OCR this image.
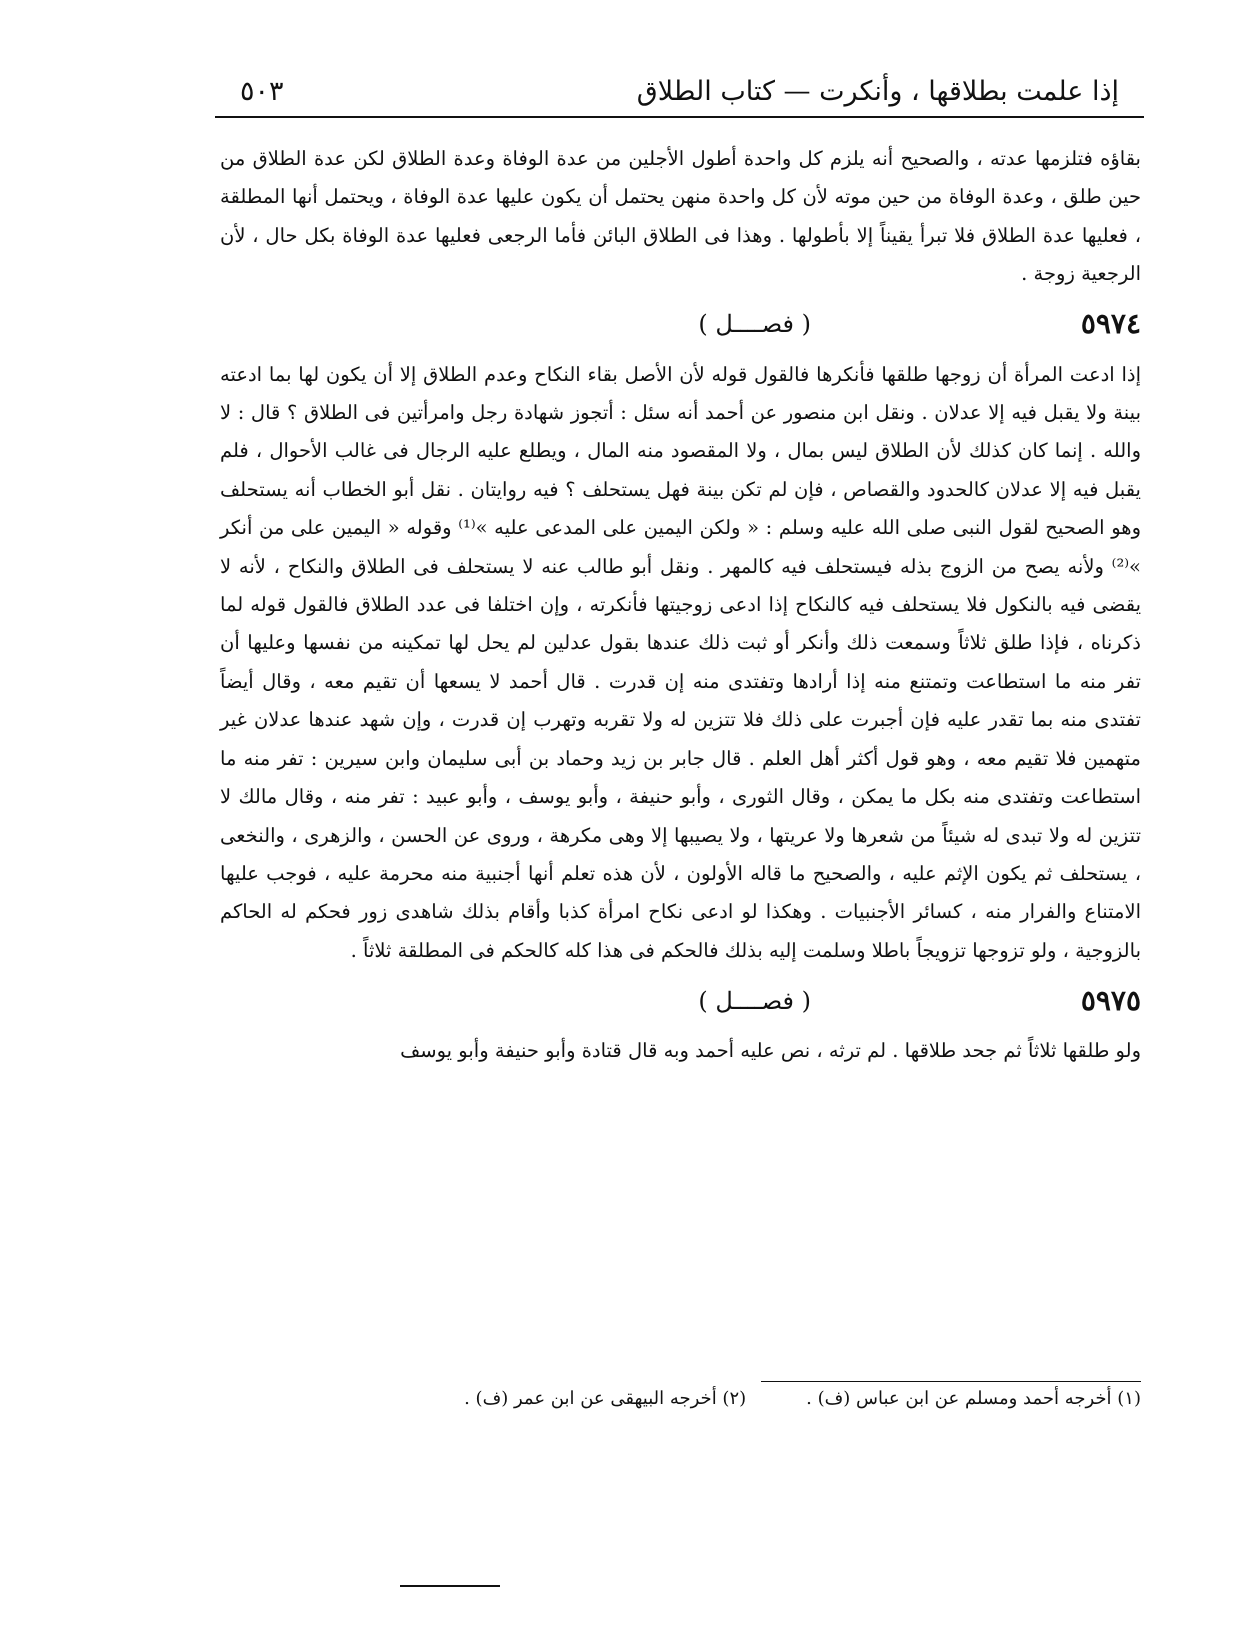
إذا علمت بطلاقها ، وأنكرت — كتاب الطلاق
٥٠٣

بقاؤه فتلزمها عدته ، والصحيح أنه يلزم كل واحدة أطول الأجلين من عدة الوفاة وعدة الطلاق لكن عدة الطلاق من حين طلق ، وعدة الوفاة من حين موته لأن كل واحدة منهن يحتمل أن يكون عليها عدة الوفاة ، ويحتمل أنها المطلقة ، فعليها عدة الطلاق فلا تبرأ يقيناً إلا بأطولها . وهذا فى الطلاق البائن فأما الرجعى فعليها عدة الوفاة بكل حال ، لأن الرجعية زوجة .

٥٩٧٤
( فصــــل )

إذا ادعت المرأة أن زوجها طلقها فأنكرها فالقول قوله لأن الأصل بقاء النكاح وعدم الطلاق إلا أن يكون لها بما ادعته بينة ولا يقبل فيه إلا عدلان . ونقل ابن منصور عن أحمد أنه سئل : أتجوز شهادة رجل وامرأتين فى الطلاق ؟ قال : لا والله . إنما كان كذلك لأن الطلاق ليس بمال ، ولا المقصود منه المال ، ويطلع عليه الرجال فى غالب الأحوال ، فلم يقبل فيه إلا عدلان كالحدود والقصاص ، فإن لم تكن بينة فهل يستحلف ؟ فيه روايتان . نقل أبو الخطاب أنه يستحلف وهو الصحيح لقول النبى صلى الله عليه وسلم : « ولكن اليمين على المدعى عليه »⁽¹⁾ وقوله « اليمين على من أنكر »⁽²⁾ ولأنه يصح من الزوج بذله فيستحلف فيه كالمهر . ونقل أبو طالب عنه لا يستحلف فى الطلاق والنكاح ، لأنه لا يقضى فيه بالنكول فلا يستحلف فيه كالنكاح إذا ادعى زوجيتها فأنكرته ، وإن اختلفا فى عدد الطلاق فالقول قوله لما ذكرناه ، فإذا طلق ثلاثاً وسمعت ذلك وأنكر أو ثبت ذلك عندها بقول عدلين لم يحل لها تمكينه من نفسها وعليها أن تفر منه ما استطاعت وتمتنع منه إذا أرادها وتفتدى منه إن قدرت . قال أحمد لا يسعها أن تقيم معه ، وقال أيضاً تفتدى منه بما تقدر عليه فإن أجبرت على ذلك فلا تتزين له ولا تقربه وتهرب إن قدرت ، وإن شهد عندها عدلان غير متهمين فلا تقيم معه ، وهو قول أكثر أهل العلم . قال جابر بن زيد وحماد بن أبى سليمان وابن سيرين : تفر منه ما استطاعت وتفتدى منه بكل ما يمكن ، وقال الثورى ، وأبو حنيفة ، وأبو يوسف ، وأبو عبيد : تفر منه ، وقال مالك لا تتزين له ولا تبدى له شيئاً من شعرها ولا عريتها ، ولا يصيبها إلا وهى مكرهة ، وروى عن الحسن ، والزهرى ، والنخعى ، يستحلف ثم يكون الإثم عليه ، والصحيح ما قاله الأولون ، لأن هذه تعلم أنها أجنبية منه محرمة عليه ، فوجب عليها الامتناع والفرار منه ، كسائر الأجنبيات . وهكذا لو ادعى نكاح امرأة كذبا وأقام بذلك شاهدى زور فحكم له الحاكم بالزوجية ، ولو تزوجها تزويجاً باطلا وسلمت إليه بذلك فالحكم فى هذا كله كالحكم فى المطلقة ثلاثاً .

٥٩٧٥
( فصــــل )

ولو طلقها ثلاثاً ثم جحد طلاقها . لم ترثه ، نص عليه أحمد وبه قال قتادة وأبو حنيفة وأبو يوسف

(١) أخرجه أحمد ومسلم عن ابن عباس (ف) .
(٢) أخرجه البيهقى عن ابن عمر (ف) .
